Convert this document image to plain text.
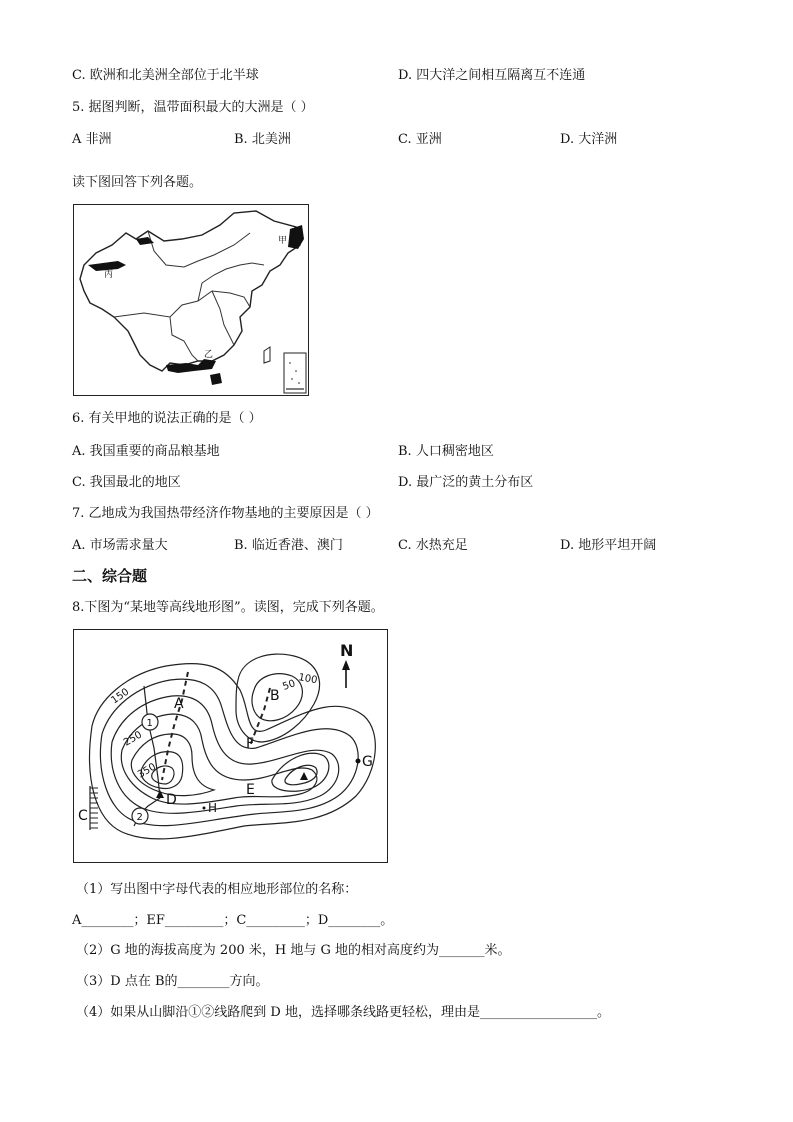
C. 欧洲和北美洲全部位于北半球	D. 四大洋之间相互隔离互不连通
5. 据图判断，温带面积最大的大洲是（ ）
A 非洲	B. 北美洲	C. 亚洲	D. 大洋洲
读下图回答下列各题。
甲
丙
乙
6. 有关甲地的说法正确的是（ ）
A. 我国重要的商品粮基地	B. 人口稠密地区
C. 我国最北的地区	D. 最广泛的黄土分布区
7. 乙地成为我国热带经济作物基地的主要原因是（ ）
A. 市场需求量大	B. 临近香港、澳门	C. 水热充足	D. 地形平坦开阔
二、综合题
8.下图为“某地等高线地形图”。读图，完成下列各题。
1
2
150
250
350
50 100
A	B
C
D
E
F
G
H
N
（1）写出图中字母代表的相应地形部位的名称：
A________；EF_________；C_________；D________。
（2）G 地的海拔高度为 200 米，H 地与 G 地的相对高度约为_______米。
（3）D 点在 B的________方向。
（4）如果从山脚沿①②线路爬到 D 地，选择哪条线路更轻松，理由是__________________。
